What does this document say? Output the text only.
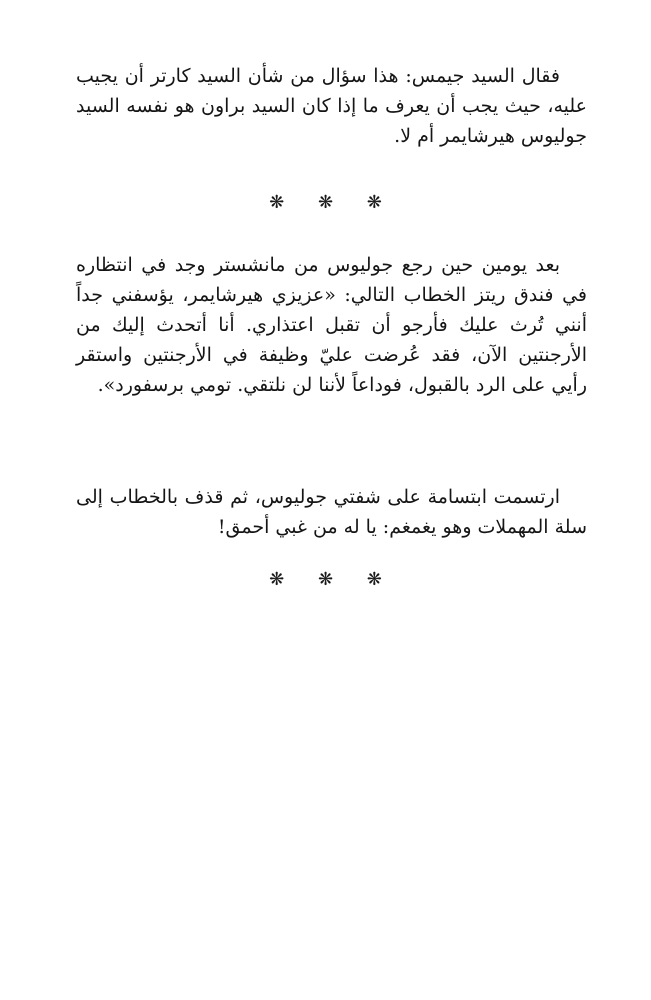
فقال السيد جيمس: هذا سؤال من شأن السيد كارتر أن يجيب عليه، حيث يجب أن يعرف ما إذا كان السيد براون هو نفسه السيد جوليوس هيرشايمر أم لا.

❋ ❋ ❋

بعد يومين حين رجع جوليوس من مانشستر وجد في انتظاره في فندق ريتز الخطاب التالي: «عزيزي هيرشايمر، يؤسفني جداً أنني تُرث عليك فأرجو أن تقبل اعتذاري. أنا أتحدث إليك من الأرجنتين الآن، فقد عُرضت عليّ وظيفة في الأرجنتين واستقر رأيي على الرد بالقبول، فوداعاً لأننا لن نلتقي. تومي برسفورد».

ارتسمت ابتسامة على شفتي جوليوس، ثم قذف بالخطاب إلى سلة المهملات وهو يغمغم: يا له من غبي أحمق!

❋ ❋ ❋
